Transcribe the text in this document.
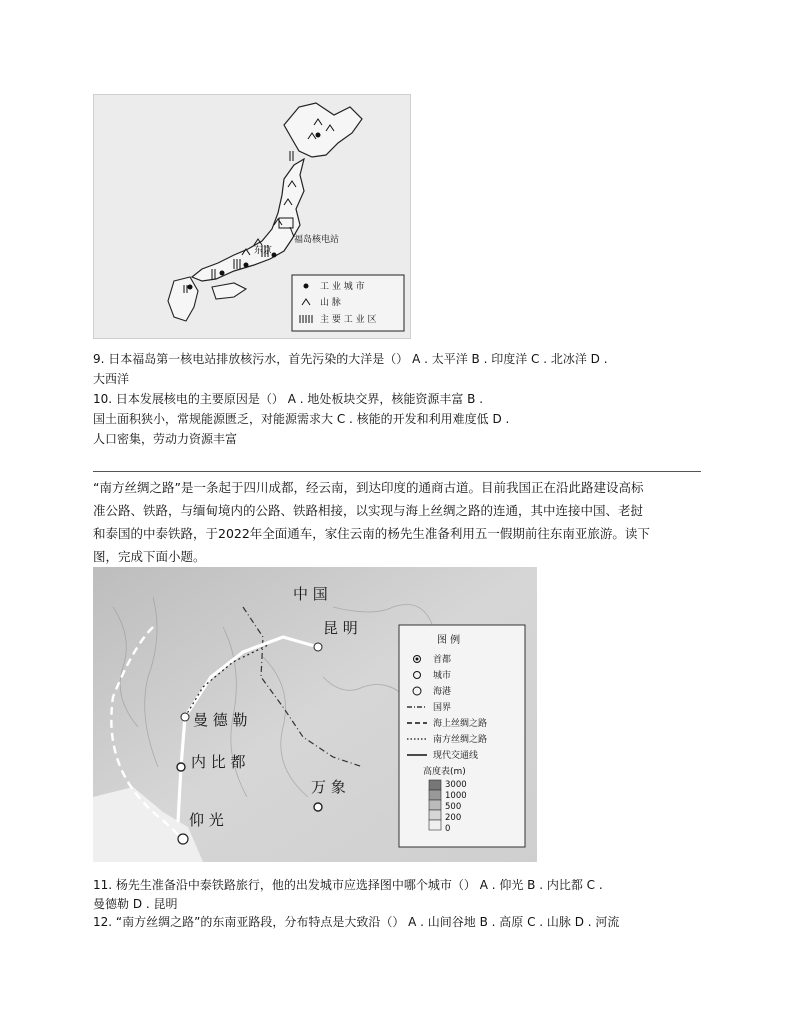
福岛核电站
东京
工 业 城 市
山 脉
主 要 工 业 区
9. 日本福岛第一核电站排放核污水，首先污染的大洋是（） A . 太平洋 B . 印度洋 C . 北冰洋 D .
大西洋
10. 日本发展核电的主要原因是（） A . 地处板块交界，核能资源丰富 B .
国土面积狭小，常规能源匮乏，对能源需求大 C . 核能的开发和利用难度低 D .
人口密集，劳动力资源丰富
“南方丝绸之路”是一条起于四川成都，经云南，到达印度的通商古道。目前我国正在沿此路建设高标
准公路、铁路，与缅甸境内的公路、铁路相接，以实现与海上丝绸之路的连通，其中连接中国、老挝
和泰国的中泰铁路，于2022年全面通车，家住云南的杨先生准备利用五一假期前往东南亚旅游。读下
图，完成下面小题。
中 国
昆 明
曼 德 勒
内 比 都
万 象
仰 光
图 例
首都
城市
海港
国界
海上丝绸之路
南方丝绸之路
现代交通线
高度表(m)
3000
1000
500
200
0
11. 杨先生准备沿中泰铁路旅行，他的出发城市应选择图中哪个城市（） A . 仰光 B . 内比都 C .
曼德勒 D . 昆明
12. “南方丝绸之路”的东南亚路段，分布特点是大致沿（） A . 山间谷地 B . 高原 C . 山脉 D . 河流
